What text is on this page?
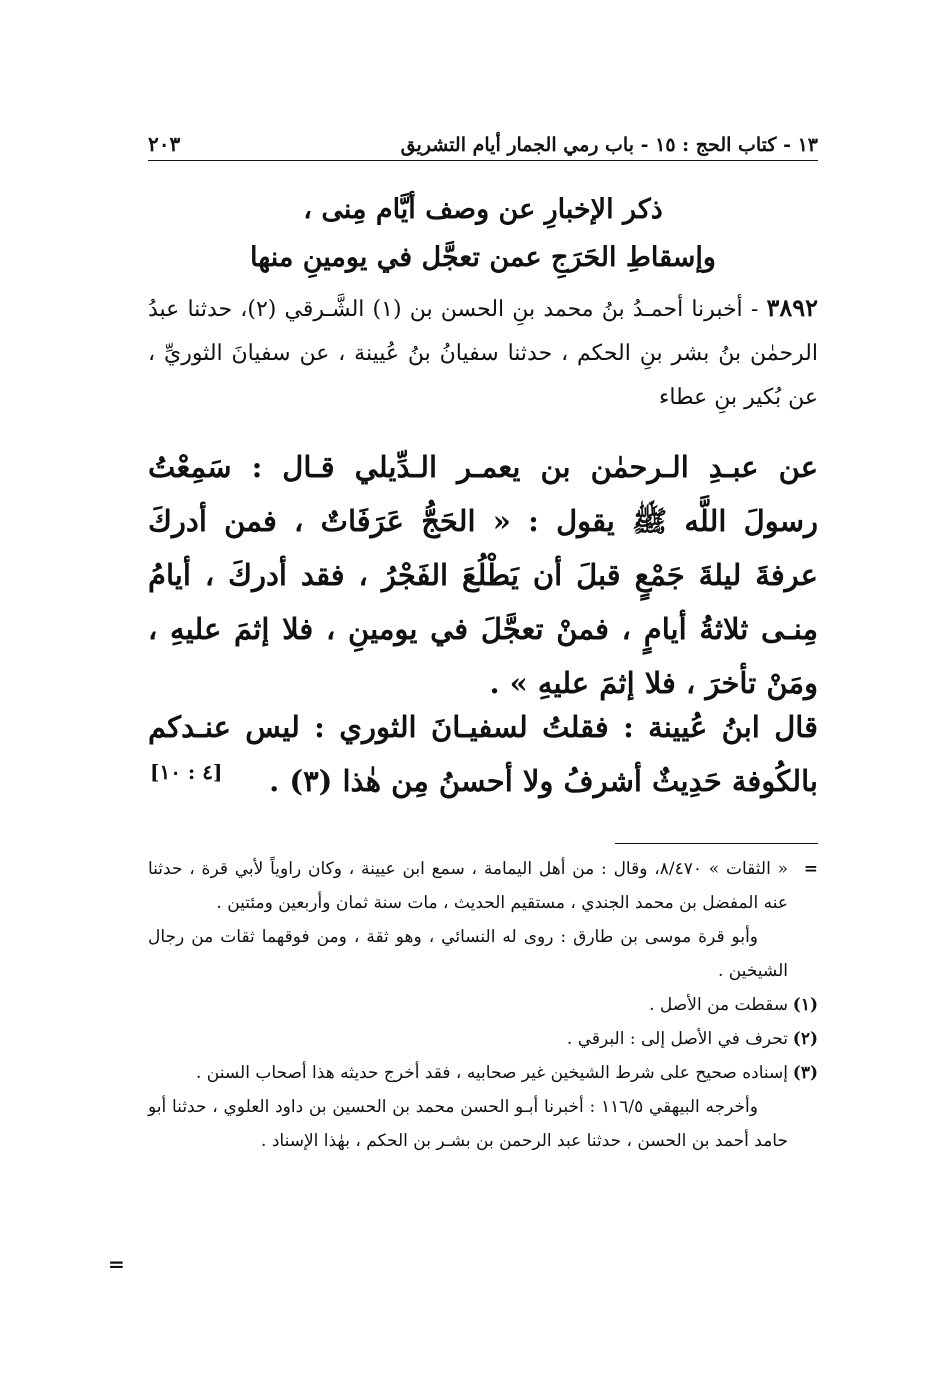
١٣ - كتاب الحج : ١٥ - باب رمي الجمار أيام التشريق
٢٠٣
ذكر الإخبارِ عن وصف أيَّام مِنى ،
وإسقاطِ الحَرَجِ عمن تعجَّل في يومينِ منها

٣٨٩٢ - أخبرنا أحمـدُ بنُ محمد بنِ الحسن بن (١) الشَّـرقي (٢)، حدثنا عبدُ الرحمٰن بنُ بشر بنِ الحكم ، حدثنا سفيانُ بنُ عُيينة ، عن سفيانَ الثوريِّ ، عن بُكير بنِ عطاء

عن عبـدِ الـرحمٰن بن يعمـر الـدِّيلي قـال : سَمِعْتُ رسولَ اللَّه ﷺ يقول : « الحَجُّ عَرَفَاتٌ ، فمن أدركَ عرفةَ ليلةَ جَمْعٍ قبلَ أن يَطْلُعَ الفَجْرُ ، فقد أدركَ ، أيامُ مِنـى ثلاثةُ أيامٍ ، فمنْ تعجَّلَ في يومينِ ، فلا إثمَ عليهِ ، ومَنْ تأخرَ ، فلا إثمَ عليهِ » .

قال ابنُ عُيينة : فقلتُ لسفيـانَ الثوري : ليس عنـدكم بالكُوفة حَدِيثٌ أشرفُ ولا أحسنُ مِن هٰذا (٣) .

[٤ : ١٠]

=
« الثقات » ٨/٤٧٠، وقال : من أهل اليمامة ، سمع ابن عيينة ، وكان راوياً لأبي قرة ، حدثنا عنه المفضل بن محمد الجندي ، مستقيم الحديث ، مات سنة ثمان وأربعين ومئتين .

وأبو قرة موسى بن طارق : روى له النسائي ، وهو ثقة ، ومن فوقهما ثقات من رجال الشيخين .

(١)
سقطت من الأصل .

(٢)
تحرف في الأصل إلى : البرقي .

(٣)
إسناده صحيح على شرط الشيخين غير صحابيه ، فقد أخرج حديثه هذا أصحاب السنن .

وأخرجه البيهقي ١١٦/٥ : أخبرنا أبـو الحسن محمد بن الحسين بن داود العلوي ، حدثنا أبو حامد أحمد بن الحسن ، حدثنا عبد الرحمن بن بشـر بن الحكم ، بهٰذا الإسناد .

=
